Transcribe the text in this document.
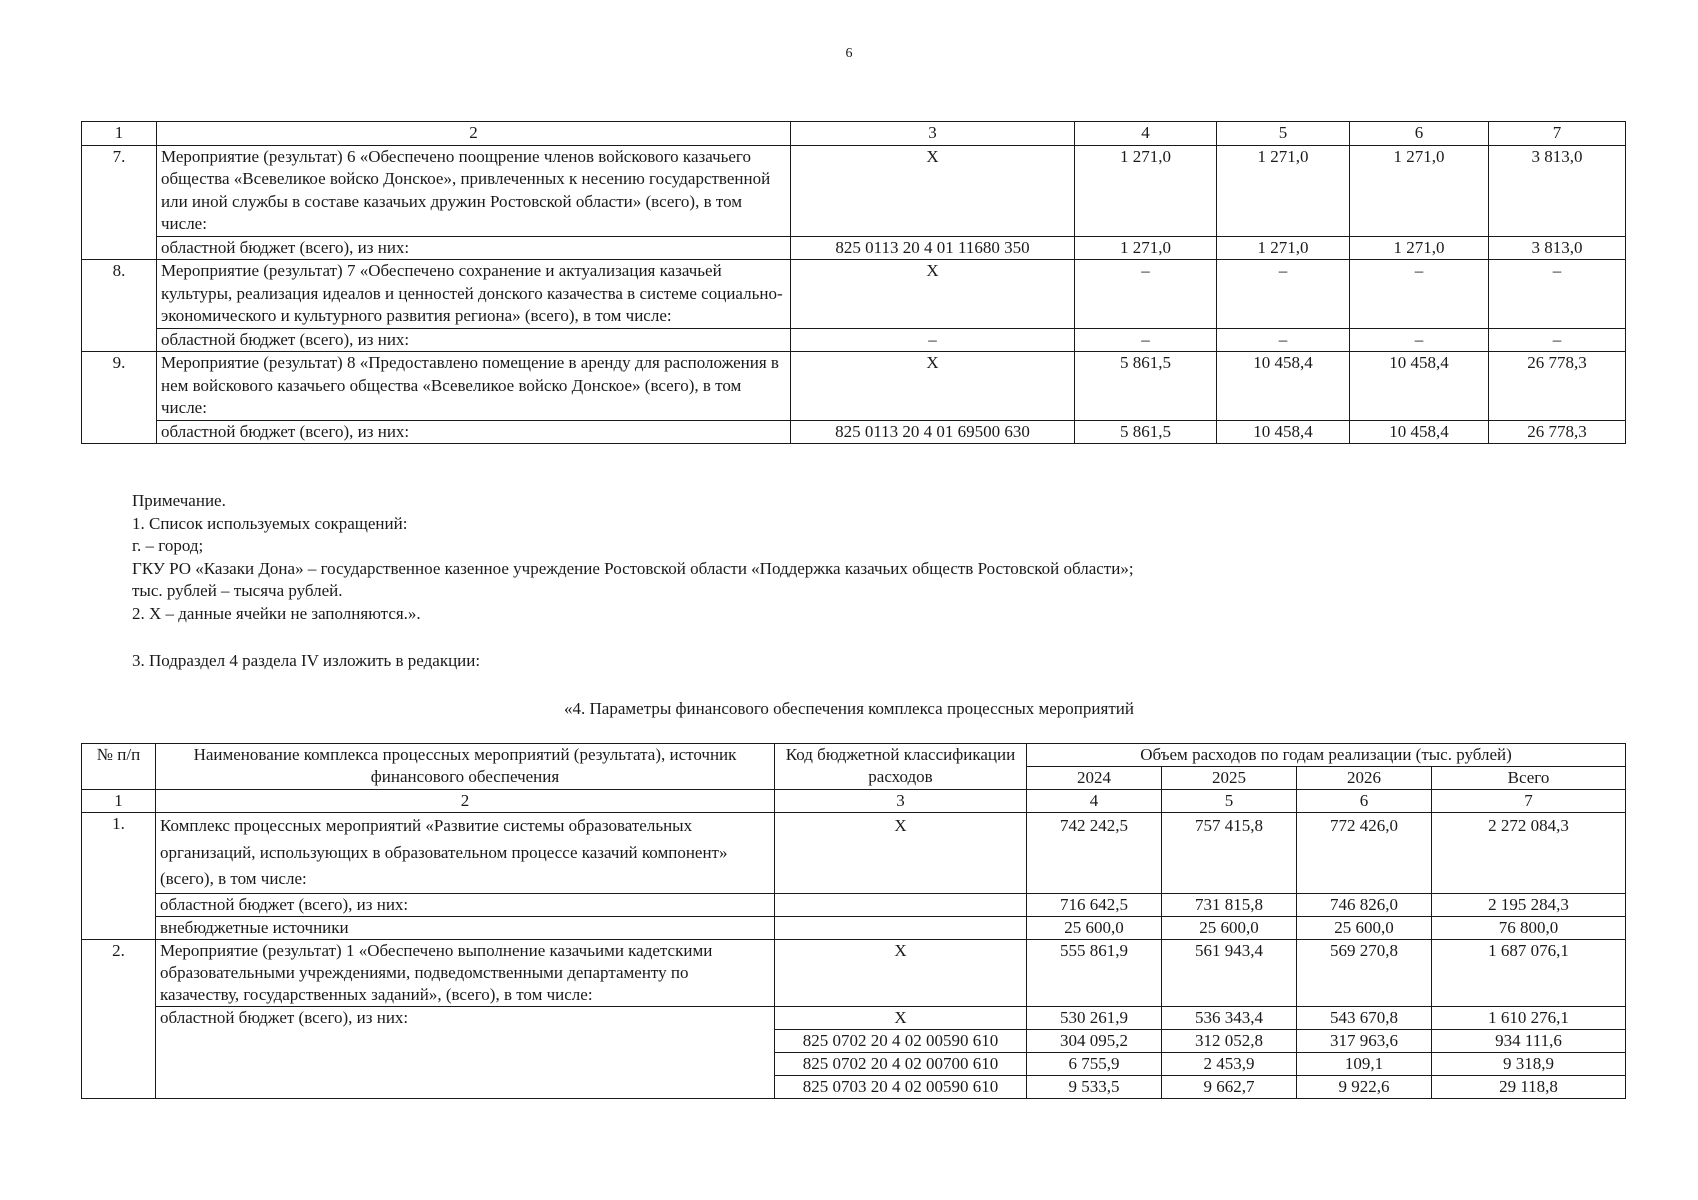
6
1	2	3	4	5	6	7
7.	Мероприятие (результат) 6 «Обеспечено поощрение членов войскового казачьего общества «Всевеликое войско Донское», привлеченных к несению государственной или иной службы в составе казачьих дружин Ростовской области» (всего), в том числе:	Х	1 271,0	1 271,0	1 271,0	3 813,0
	областной бюджет (всего), из них:	825 0113 20 4 01 11680 350	1 271,0	1 271,0	1 271,0	3 813,0
8.	Мероприятие (результат) 7 «Обеспечено сохранение и актуализация казачьей культуры, реализация идеалов и ценностей донского казачества в системе социально-экономического и культурного развития региона» (всего), в том числе:	Х	–	–	–	–
	областной бюджет (всего), из них:	–	–	–	–	–
9.	Мероприятие (результат) 8 «Предоставлено помещение в аренду для расположения в нем войскового казачьего общества «Всевеликое войско Донское» (всего), в том числе:	Х	5 861,5	10 458,4	10 458,4	26 778,3
	областной бюджет (всего), из них:	825 0113 20 4 01 69500 630	5 861,5	10 458,4	10 458,4	26 778,3
Примечание.
1. Список используемых сокращений:
г. – город;
ГКУ РО «Казаки Дона» – государственное казенное учреждение Ростовской области «Поддержка казачьих обществ Ростовской области»;
тыс. рублей – тысяча рублей.
2. Х – данные ячейки не заполняются.».
3. Подраздел 4 раздела IV изложить в редакции:
«4. Параметры финансового обеспечения комплекса процессных мероприятий
№ п/п	Наименование комплекса процессных мероприятий (результата), источник финансового обеспечения	Код бюджетной классификации расходов	Объем расходов по годам реализации (тыс. рублей)			
			2024	2025	2026	Всего
1	2	3	4	5	6	7
1.	Комплекс процессных мероприятий «Развитие системы образовательных организаций, использующих в образовательном процессе казачий компонент» (всего), в том числе:	Х	742 242,5	757 415,8	772 426,0	2 272 084,3
	областной бюджет (всего), из них:		716 642,5	731 815,8	746 826,0	2 195 284,3
	внебюджетные источники		25 600,0	25 600,0	25 600,0	76 800,0
2.	Мероприятие (результат) 1 «Обеспечено выполнение казачьими кадетскими образовательными учреждениями, подведомственными департаменту по казачеству, государственных заданий», (всего), в том числе:	Х	555 861,9	561 943,4	569 270,8	1 687 076,1
	областной бюджет (всего), из них:	Х	530 261,9	536 343,4	543 670,8	1 610 276,1
		825 0702 20 4 02 00590 610	304 095,2	312 052,8	317 963,6	934 111,6
		825 0702 20 4 02 00700 610	6 755,9	2 453,9	109,1	9 318,9
		825 0703 20 4 02 00590 610	9 533,5	9 662,7	9 922,6	29 118,8
